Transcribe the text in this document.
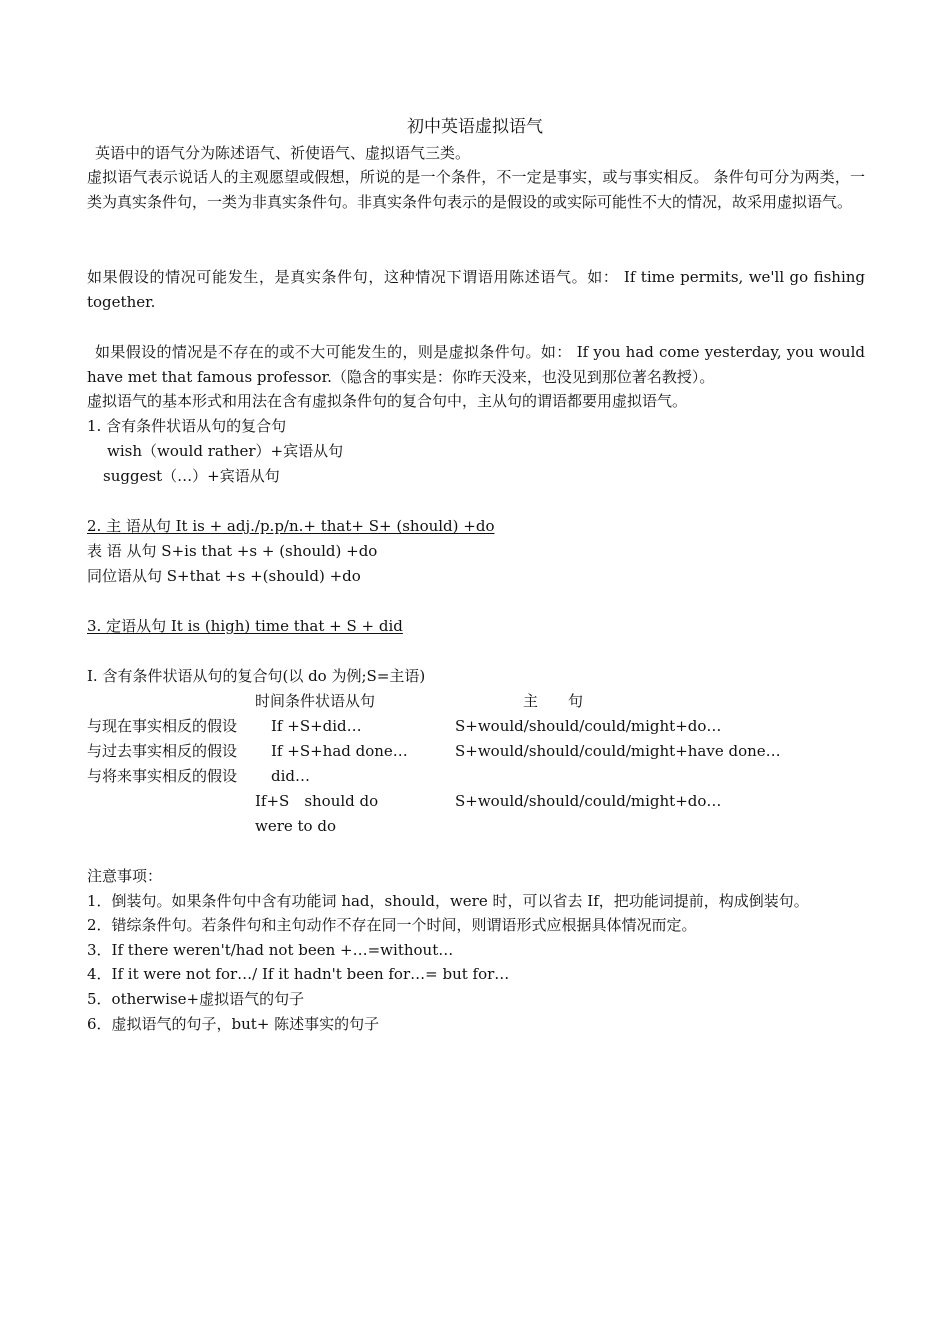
初中英语虚拟语气
英语中的语气分为陈述语气、祈使语气、虚拟语气三类。
虚拟语气表示说话人的主观愿望或假想，所说的是一个条件，不一定是事实，或与事实相反。 条件句可分为两类，一类为真实条件句，一类为非真实条件句。非真实条件句表示的是假设的或实际可能性不大的情况，故采用虚拟语气。
如果假设的情况可能发生，是真实条件句，这种情况下谓语用陈述语气。如： If time permits, we'll go fishing together.
如果假设的情况是不存在的或不大可能发生的，则是虚拟条件句。如： If you had come yesterday, you would have met that famous professor.（隐含的事实是：你昨天没来，也没见到那位著名教授）。
虚拟语气的基本形式和用法在含有虚拟条件句的复合句中，主从句的谓语都要用虚拟语气。
1. 含有条件状语从句的复合句
wish（would rather）+宾语从句
suggest（…）+宾语从句
2. 主 语从句 It is + adj./p.p/n.+ that+ S+ (should) +do
表 语 从句 S+is that +s + (should) +do
同位语从句 S+that +s +(should) +do
3. 定语从句 It is (high) time that + S + did
I. 含有条件状语从句的复合句(以 do 为例;S=主语)
时间条件状语从句	主　　句
与现在事实相反的假设 If +S+did…	S+would/should/could/might+do…
与过去事实相反的假设 If +S+had done…	S+would/should/could/might+have done…
与将来事实相反的假设 did…
If+S　should do	S+would/should/could/might+do…
were to do
注意事项：
1．倒装句。如果条件句中含有功能词 had，should，were 时，可以省去 If，把功能词提前，构成倒装句。
2．错综条件句。若条件句和主句动作不存在同一个时间，则谓语形式应根据具体情况而定。
3．If there weren't/had not been +…=without…
4．If it were not for…/ If it hadn't been for…= but for…
5．otherwise+虚拟语气的句子
6．虚拟语气的句子，but+ 陈述事实的句子
